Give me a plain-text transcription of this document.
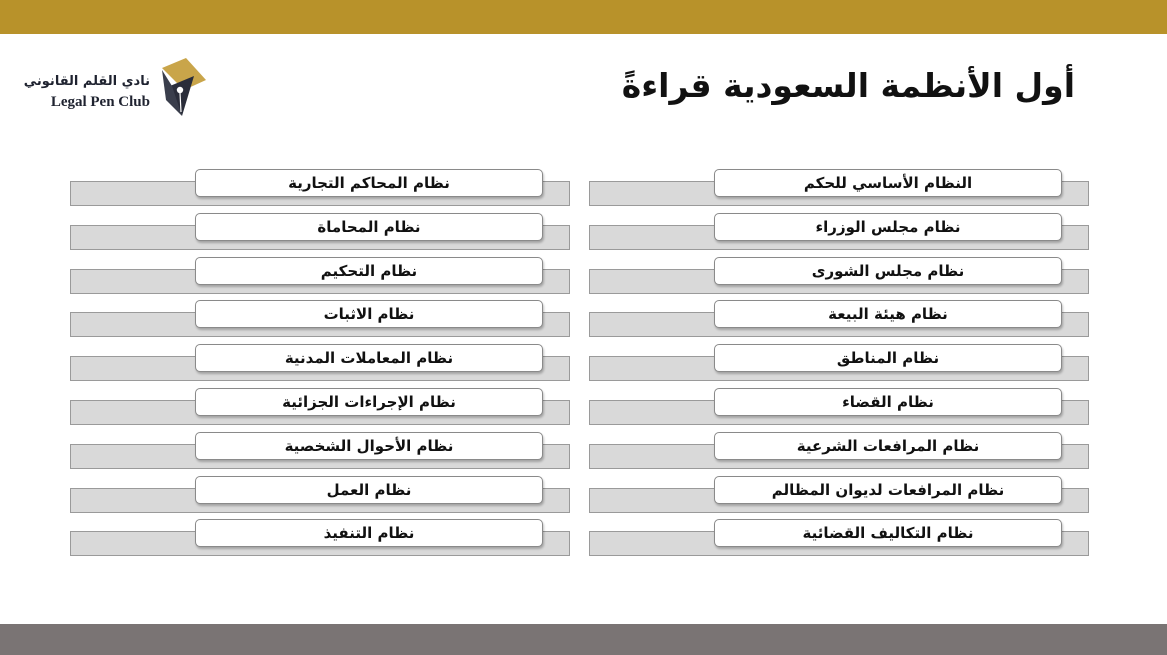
نادي القلم القانوني
Legal Pen Club	أول الأنظمة السعودية قراءةً
النظام الأساسي للحكم
نظام مجلس الوزراء
نظام مجلس الشورى
نظام هيئة البيعة
نظام المناطق
نظام القضاء
نظام المرافعات الشرعية
نظام المرافعات لديوان المظالم
نظام التكاليف القضائية
نظام المحاكم التجارية
نظام المحاماة
نظام التحكيم
نظام الاثبات
نظام المعاملات المدنية
نظام الإجراءات الجزائية
نظام الأحوال الشخصية
نظام العمل
نظام التنفيذ
